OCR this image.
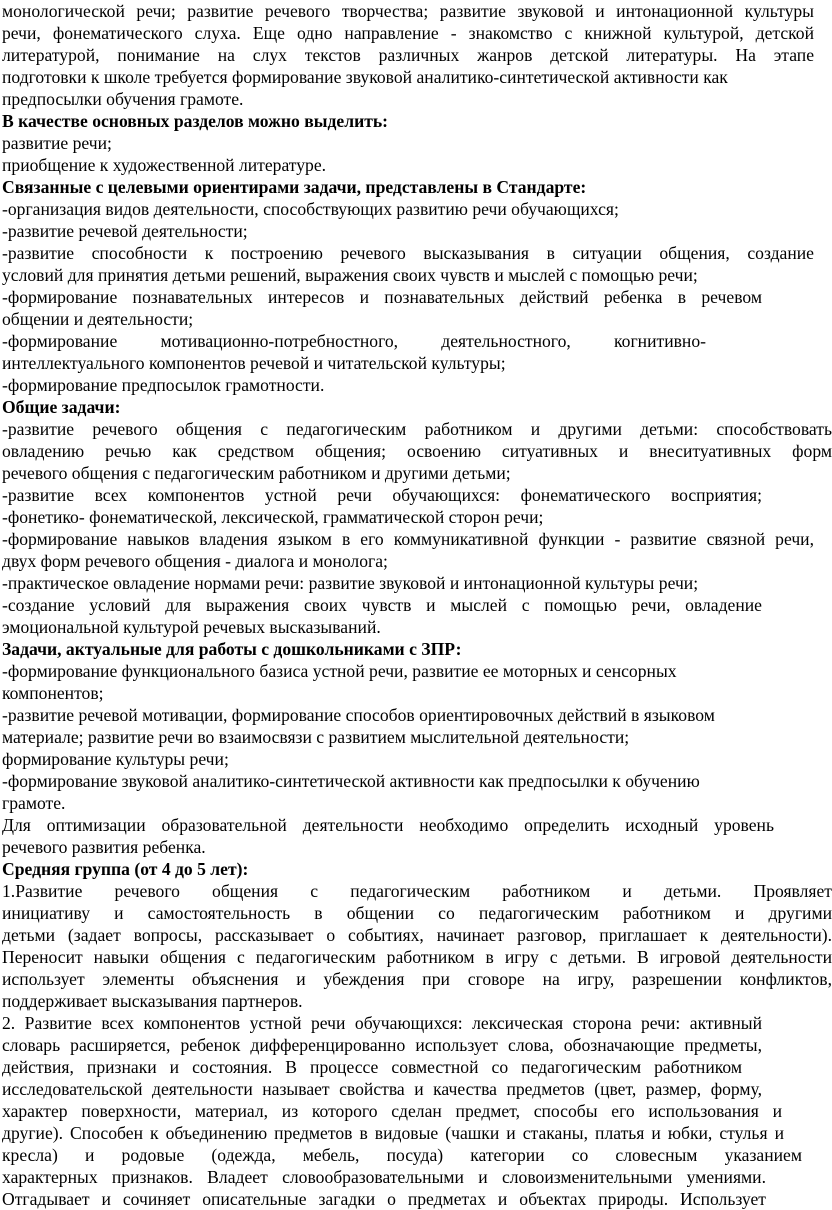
монологической речи; развитие речевого творчества; развитие звуковой и интонационной культуры
речи, фонематического слуха. Еще одно направление - знакомство с книжной культурой, детской
литературой, понимание на слух текстов различных жанров детской литературы. На этапе
подготовки к школе требуется формирование звуковой аналитико-синтетической активности как
предпосылки обучения грамоте.
В качестве основных разделов можно выделить:
развитие речи;
приобщение к художественной литературе.
Связанные с целевыми ориентирами задачи, представлены в Стандарте:
-организация видов деятельности, способствующих развитию речи обучающихся;
-развитие речевой деятельности;
-развитие способности к построению речевого высказывания в ситуации общения, создание
условий для принятия детьми решений, выражения своих чувств и мыслей с помощью речи;
-формирование познавательных интересов и познавательных действий ребенка в речевом
общении и деятельности;
-формирование мотивационно-потребностного, деятельностного, когнитивно-
интеллектуального компонентов речевой и читательской культуры;
-формирование предпосылок грамотности.
Общие задачи:
-развитие речевого общения с педагогическим работником и другими детьми: способствовать
овладению речью как средством общения; освоению ситуативных и внеситуативных форм
речевого общения с педагогическим работником и другими детьми;
-развитие всех компонентов устной речи обучающихся: фонематического восприятия;
-фонетико- фонематической, лексической, грамматической сторон речи;
-формирование навыков владения языком в его коммуникативной функции - развитие связной речи,
двух форм речевого общения - диалога и монолога;
-практическое овладение нормами речи: развитие звуковой и интонационной культуры речи;
-создание условий для выражения своих чувств и мыслей с помощью речи, овладение
эмоциональной культурой речевых высказываний.
Задачи, актуальные для работы с дошкольниками с ЗПР:
-формирование функционального базиса устной речи, развитие ее моторных и сенсорных
компонентов;
-развитие речевой мотивации, формирование способов ориентировочных действий в языковом
материале; развитие речи во взаимосвязи с развитием мыслительной деятельности;
формирование культуры речи;
-формирование звуковой аналитико-синтетической активности как предпосылки к обучению
грамоте.
Для оптимизации образовательной деятельности необходимо определить исходный уровень
речевого развития ребенка.
Средняя группа (от 4 до 5 лет):
1.Развитие речевого общения с педагогическим работником и детьми. Проявляет
инициативу и самостоятельность в общении со педагогическим работником и другими
детьми (задает вопросы, рассказывает о событиях, начинает разговор, приглашает к деятельности).
Переносит навыки общения с педагогическим работником в игру с детьми. В игровой деятельности
использует элементы объяснения и убеждения при сговоре на игру, разрешении конфликтов,
поддерживает высказывания партнеров.
2. Развитие всех компонентов устной речи обучающихся: лексическая сторона речи: активный
словарь расширяется, ребенок дифференцированно использует слова, обозначающие предметы,
действия, признаки и состояния. В процессе совместной со педагогическим работником
исследовательской деятельности называет свойства и качества предметов (цвет, размер, форму,
характер поверхности, материал, из которого сделан предмет, способы его использования и
другие). Способен к объединению предметов в видовые (чашки и стаканы, платья и юбки, стулья и
кресла) и родовые (одежда, мебель, посуда) категории со словесным указанием
характерных признаков. Владеет словообразовательными и словоизменительными умениями.
Отгадывает и сочиняет описательные загадки о предметах и объектах природы. Использует
